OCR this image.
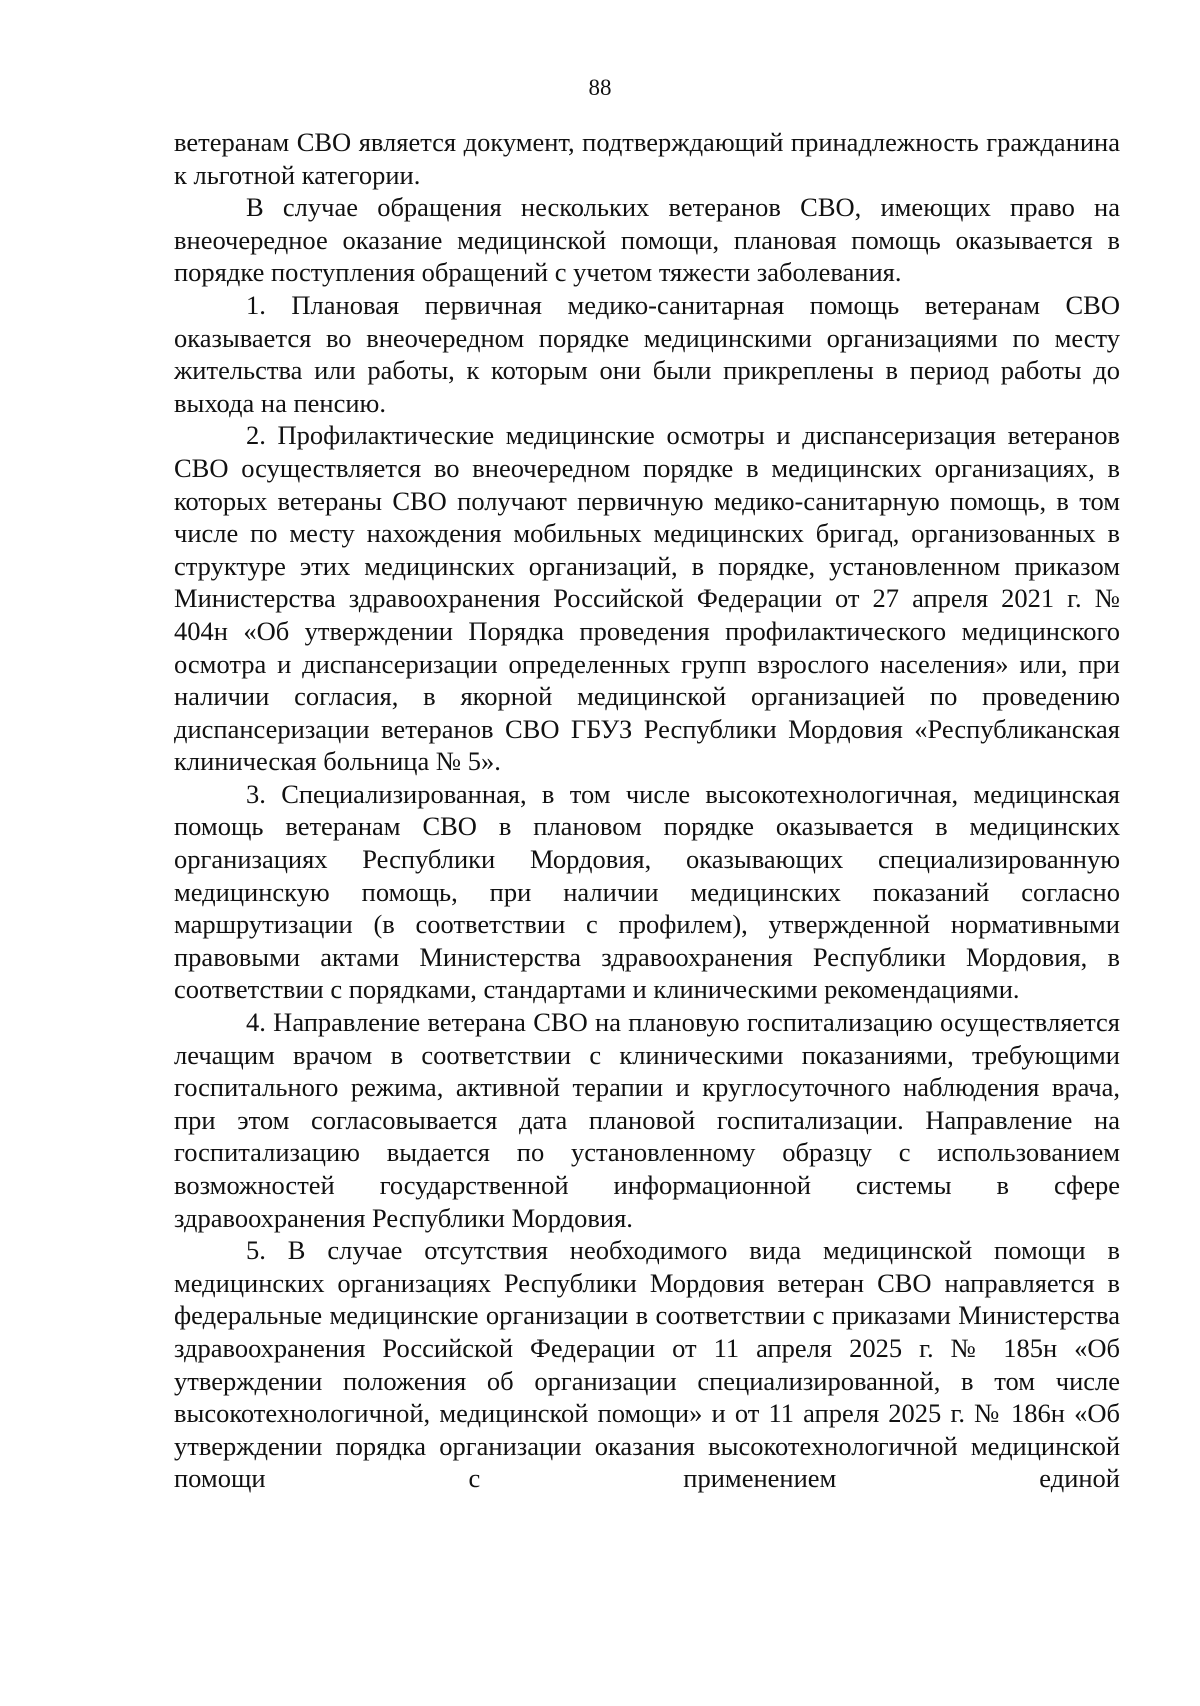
88

ветеранам СВО является документ, подтверждающий принадлежность гражданина к льготной категории.

В случае обращения нескольких ветеранов СВО, имеющих право на внеочередное оказание медицинской помощи, плановая помощь оказывается в порядке поступления обращений с учетом тяжести заболевания.

1. Плановая первичная медико-санитарная помощь ветеранам СВО оказывается во внеочередном порядке медицинскими организациями по месту жительства или работы, к которым они были прикреплены в период работы до выхода на пенсию.

2. Профилактические медицинские осмотры и диспансеризация ветеранов СВО осуществляется во внеочередном порядке в медицинских организациях, в которых ветераны СВО получают первичную медико-санитарную помощь, в том числе по месту нахождения мобильных медицинских бригад, организованных в структуре этих медицинских организаций, в порядке, установленном приказом Министерства здравоохранения Российской Федерации от 27 апреля 2021 г. № 404н «Об утверждении Порядка проведения профилактического медицинского осмотра и диспансеризации определенных групп взрослого населения» или, при наличии согласия, в якорной медицинской организацией по проведению диспансеризации ветеранов СВО ГБУЗ Республики Мордовия «Республиканская клиническая больница № 5».

3. Специализированная, в том числе высокотехнологичная, медицинская помощь ветеранам СВО в плановом порядке оказывается в медицинских организациях Республики Мордовия, оказывающих специализированную медицинскую помощь, при наличии медицинских показаний согласно маршрутизации (в соответствии с профилем), утвержденной нормативными правовыми актами Министерства здравоохранения Республики Мордовия, в соответствии с порядками, стандартами и клиническими рекомендациями.

4. Направление ветерана СВО на плановую госпитализацию осуществляется лечащим врачом в соответствии с клиническими показаниями, требующими госпитального режима, активной терапии и круглосуточного наблюдения врача, при этом согласовывается дата плановой госпитализации. Направление на госпитализацию выдается по установленному образцу с использованием возможностей государственной информационной системы в сфере здравоохранения Республики Мордовия.

5. В случае отсутствия необходимого вида медицинской помощи в медицинских организациях Республики Мордовия ветеран СВО направляется в федеральные медицинские организации в соответствии с приказами Министерства здравоохранения Российской Федерации от 11 апреля 2025 г. № 185н «Об утверждении положения об организации специализированной, в том числе высокотехнологичной, медицинской помощи» и от 11 апреля 2025 г. № 186н «Об утверждении порядка организации оказания высокотехнологичной медицинской помощи с применением единой
